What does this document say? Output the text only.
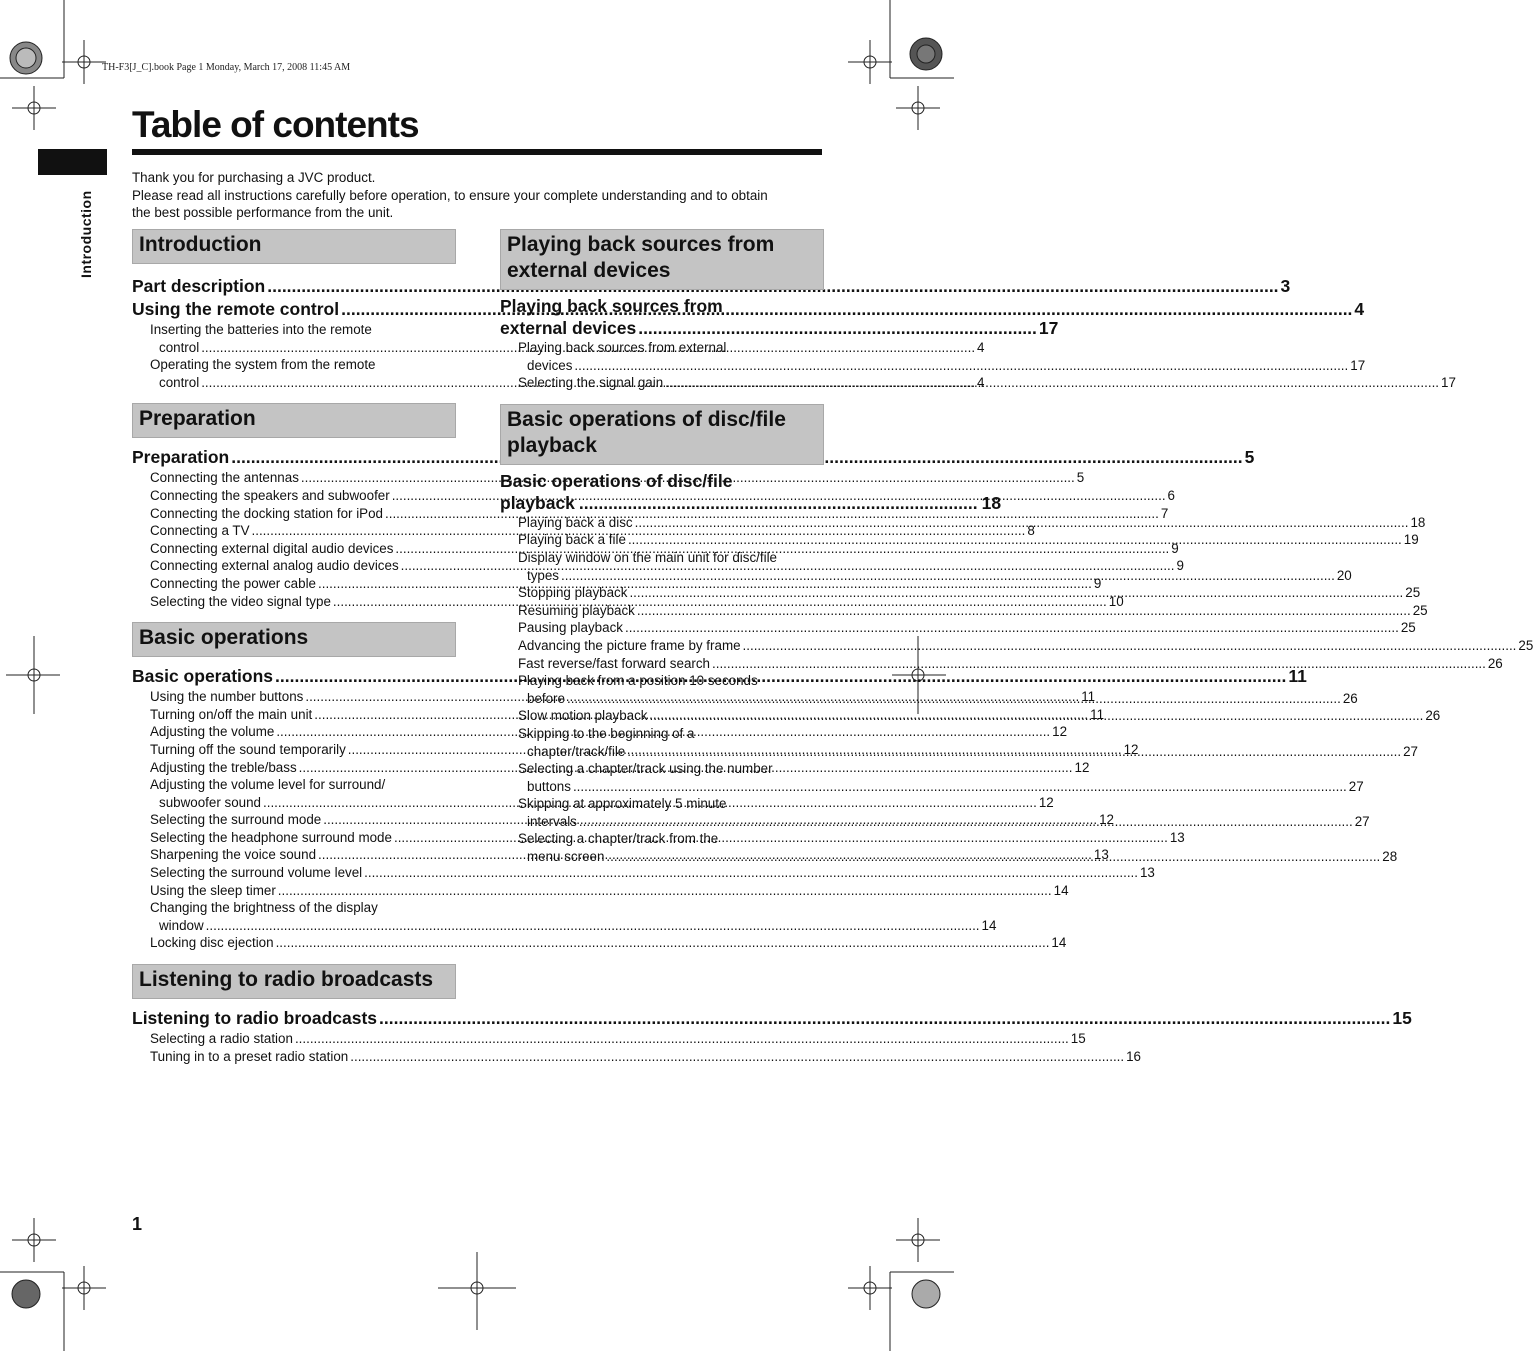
TH-F3[J_C].book Page 1 Monday, March 17, 2008 11:45 AM
Introduction
Table of contents
Thank you for purchasing a JVC product.
Please read all instructions carefully before operation, to ensure your complete understanding and to obtain
the best possible performance from the unit.
Introduction
Part description .....	3
Using the remote control .....	4
Inserting the batteries into the remote
control .....	4
Operating the system from the remote
control .....	4
Preparation
Preparation .....	5
Connecting the antennas .....	5
Connecting the speakers and subwoofer .....	6
Connecting the docking station for iPod .....	7
Connecting a TV .....	8
Connecting external digital audio devices .....	9
Connecting external analog audio devices .....	9
Connecting the power cable .....	9
Selecting the video signal type .....	10
Basic operations
Basic operations .....	11
Using the number buttons .....	11
Turning on/off the main unit .....	11
Adjusting the volume .....	12
Turning off the sound temporarily .....	12
Adjusting the treble/bass .....	12
Adjusting the volume level for surround/
subwoofer sound .....	12
Selecting the surround mode .....	12
Selecting the headphone surround mode .....	13
Sharpening the voice sound .....	13
Selecting the surround volume level .....	13
Using the sleep timer .....	14
Changing the brightness of the display
window .....	14
Locking disc ejection .....	14
Listening to radio broadcasts
Listening to radio broadcasts .....	15
Selecting a radio station .....	15
Tuning in to a preset radio station .....	16
Playing back sources from
external devices
Playing back sources from
external devices .................................................................................. 17
Playing back sources from external
devices .....	17
Selecting the signal gain .....	17
Basic operations of disc/file
playback
Basic operations of disc/file
playback .................................................................................. 18
Playing back a disc .....	18
Playing back a file .....	19
Display window on the main unit for disc/file
types .....	20
Stopping playback .....	25
Resuming playback .....	25
Pausing playback .....	25
Advancing the picture frame by frame .....	25
Fast reverse/fast forward search .....	26
Playing back from a position 10 seconds
before .....	26
Slow motion playback .....	26
Skipping to the beginning of a
chapter/track/file .....	27
Selecting a chapter/track using the number
buttons .....	27
Skipping at approximately 5 minute
intervals .....	27
Selecting a chapter/track from the
menu screen .....	28
1
